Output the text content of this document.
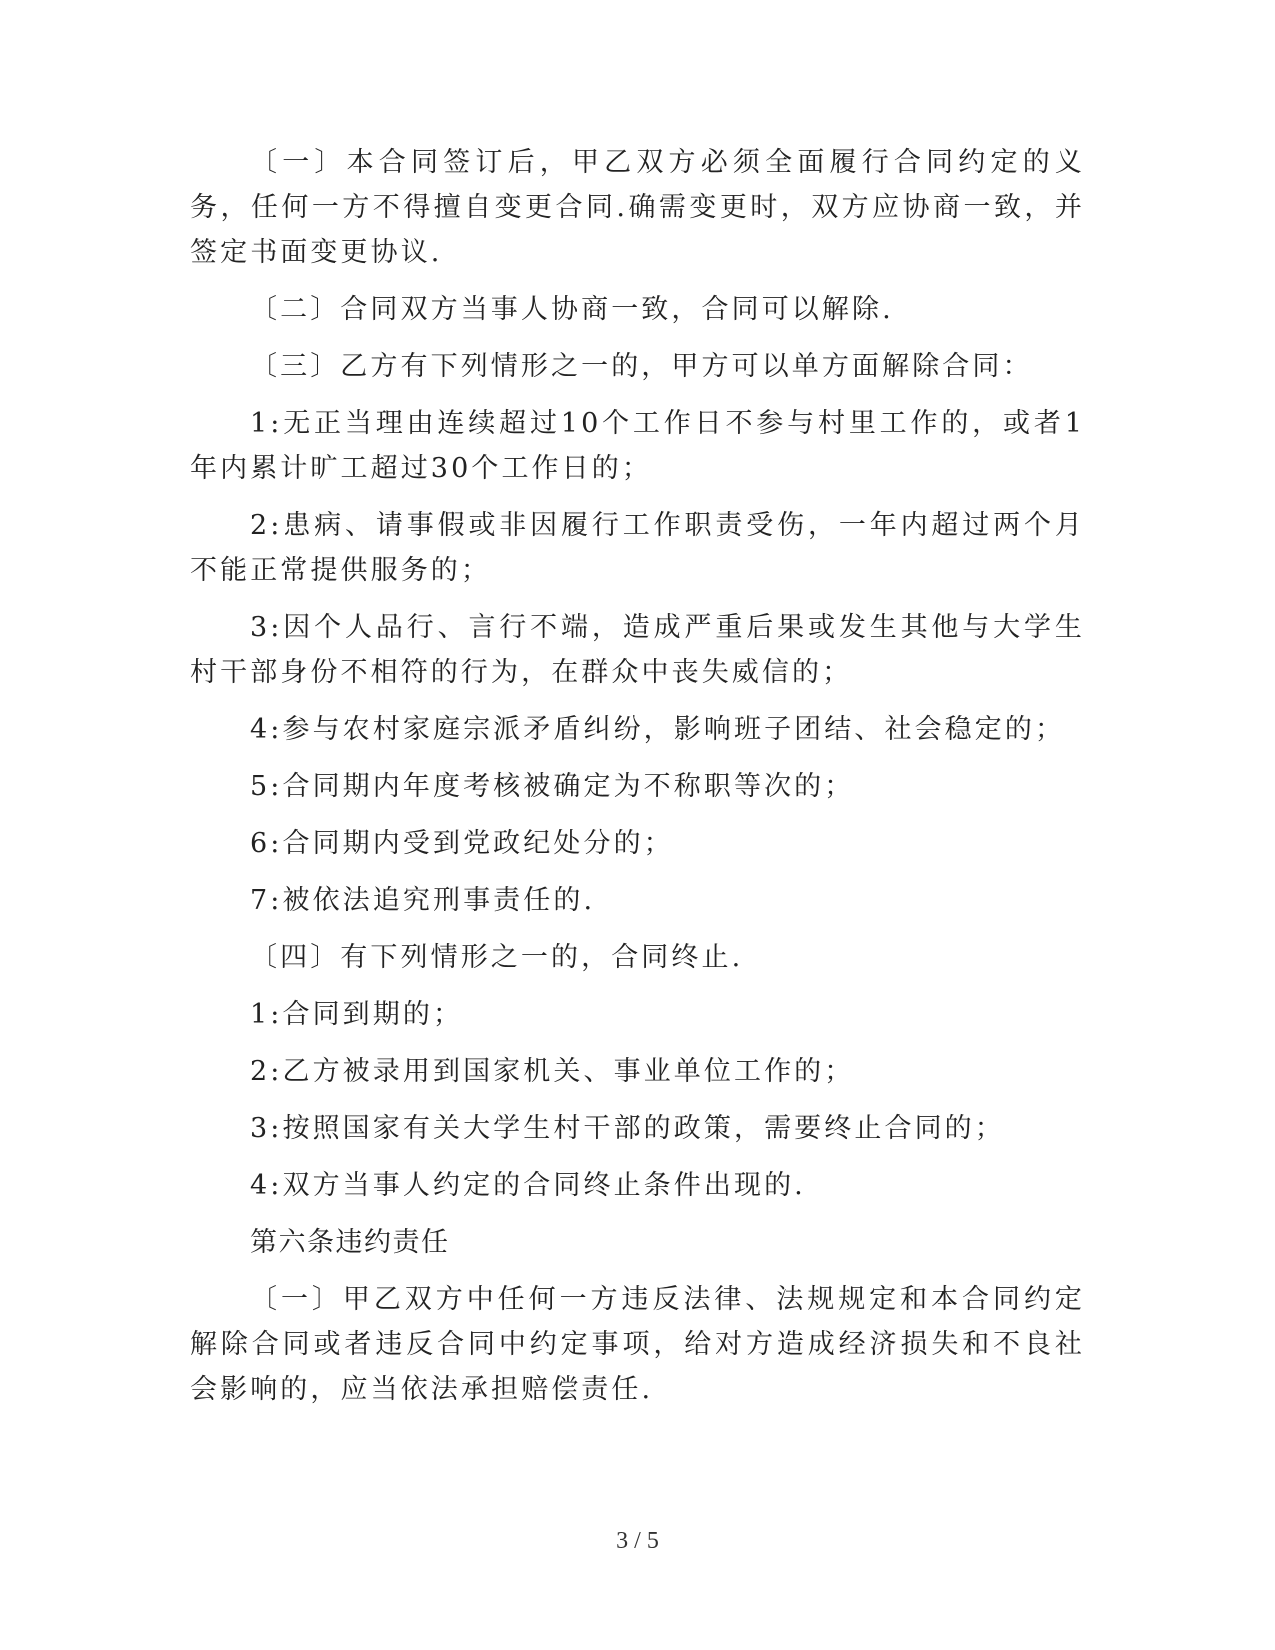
〔一〕本合同签订后，甲乙双方必须全面履行合同约定的义务，任何一方不得擅自变更合同.确需变更时，双方应协商一致，并签定书面变更协议.

〔二〕合同双方当事人协商一致，合同可以解除.

〔三〕乙方有下列情形之一的，甲方可以单方面解除合同：

1:无正当理由连续超过10个工作日不参与村里工作的，或者1年内累计旷工超过30个工作日的；

2:患病、请事假或非因履行工作职责受伤，一年内超过两个月不能正常提供服务的；

3:因个人品行、言行不端，造成严重后果或发生其他与大学生村干部身份不相符的行为，在群众中丧失威信的；

4:参与农村家庭宗派矛盾纠纷，影响班子团结、社会稳定的；

5:合同期内年度考核被确定为不称职等次的；

6:合同期内受到党政纪处分的；

7:被依法追究刑事责任的.

〔四〕有下列情形之一的，合同终止.

1:合同到期的；

2:乙方被录用到国家机关、事业单位工作的；

3:按照国家有关大学生村干部的政策，需要终止合同的；

4:双方当事人约定的合同终止条件出现的.

第六条违约责任

〔一〕甲乙双方中任何一方违反法律、法规规定和本合同约定解除合同或者违反合同中约定事项，给对方造成经济损失和不良社会影响的，应当依法承担赔偿责任.

3 / 5
